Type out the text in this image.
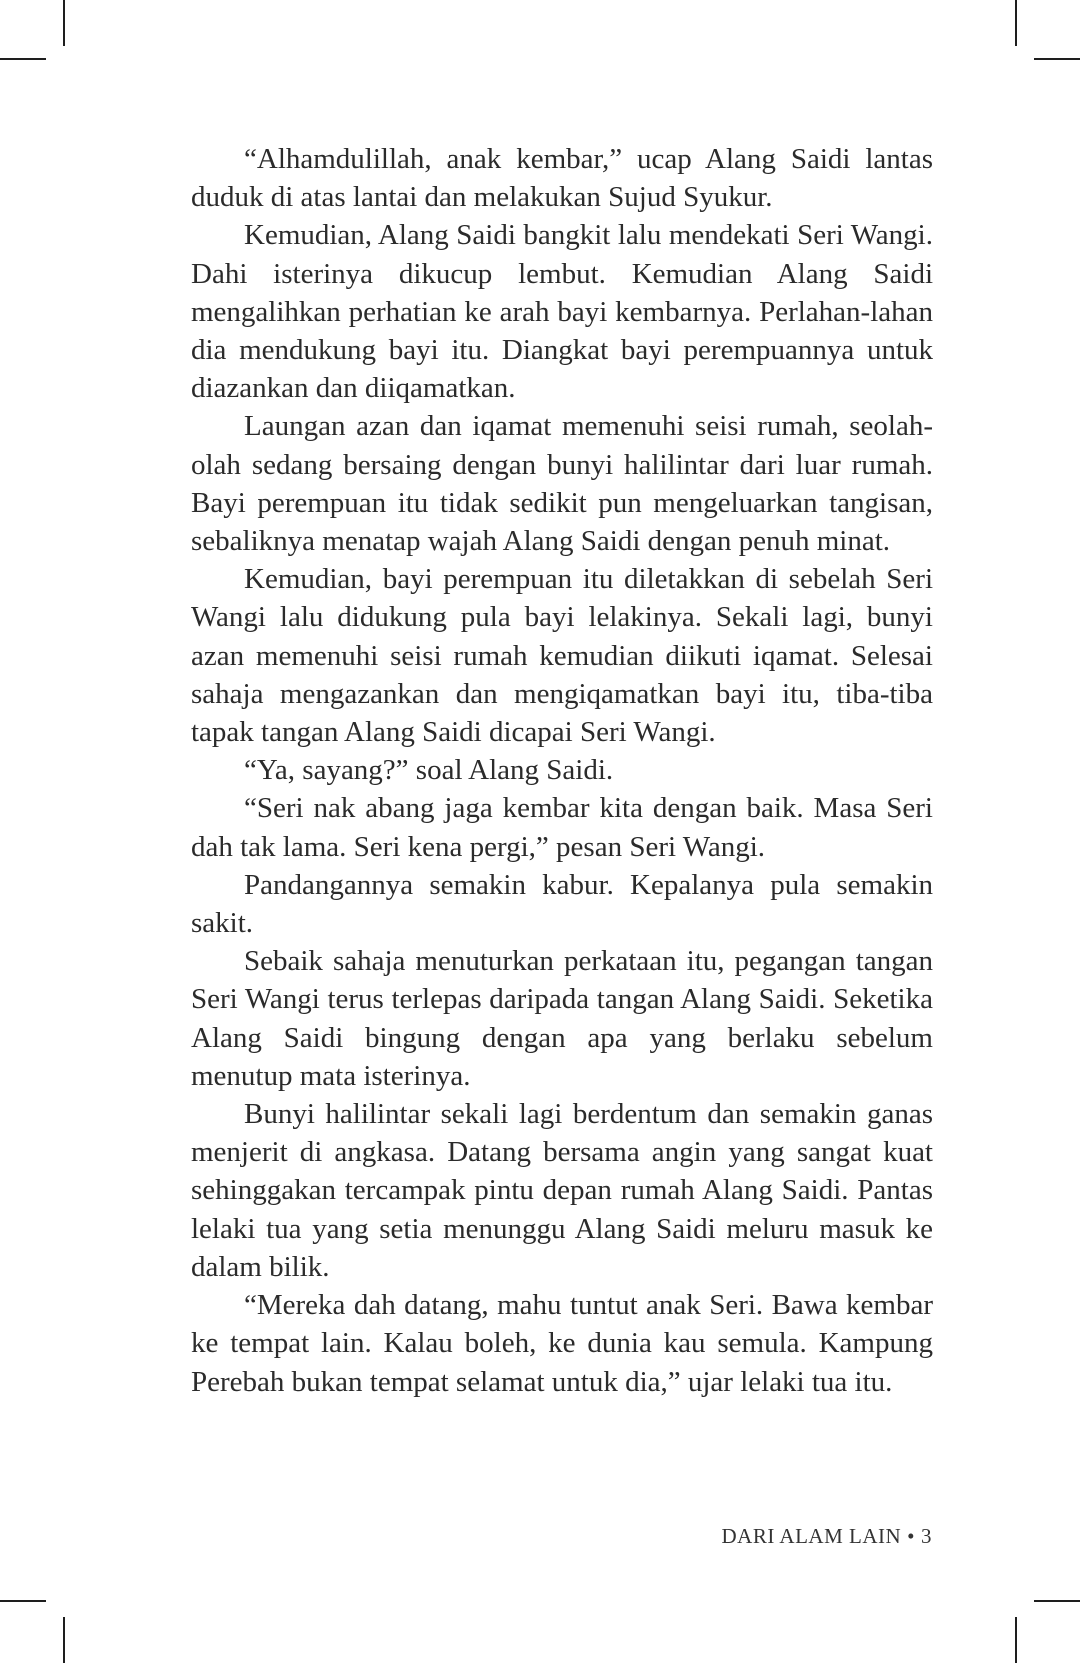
“Alhamdulillah, anak kembar,” ucap Alang Saidi lantas duduk di atas lantai dan melakukan Sujud Syukur.

Kemudian, Alang Saidi bangkit lalu mendekati Seri Wangi. Dahi isterinya dikucup lembut. Kemudian Alang Saidi mengalihkan perhatian ke arah bayi kembarnya. Perlahan-lahan dia mendukung bayi itu. Diangkat bayi perempuannya untuk diazankan dan diiqamatkan.

Laungan azan dan iqamat memenuhi seisi rumah, seolah-olah sedang bersaing dengan bunyi halilintar dari luar rumah. Bayi perempuan itu tidak sedikit pun mengeluarkan tangisan, sebaliknya menatap wajah Alang Saidi dengan penuh minat.

Kemudian, bayi perempuan itu diletakkan di sebelah Seri Wangi lalu didukung pula bayi lelakinya. Sekali lagi, bunyi azan memenuhi seisi rumah kemudian diikuti iqamat. Selesai sahaja mengazankan dan mengiqamatkan bayi itu, tiba-tiba tapak tangan Alang Saidi dicapai Seri Wangi.

“Ya, sayang?” soal Alang Saidi.

“Seri nak abang jaga kembar kita dengan baik. Masa Seri dah tak lama. Seri kena pergi,” pesan Seri Wangi.

Pandangannya semakin kabur. Kepalanya pula semakin sakit.

Sebaik sahaja menuturkan perkataan itu, pegangan tangan Seri Wangi terus terlepas daripada tangan Alang Saidi. Seketika Alang Saidi bingung dengan apa yang berlaku sebelum menutup mata isterinya.

Bunyi halilintar sekali lagi berdentum dan semakin ganas menjerit di angkasa. Datang bersama angin yang sangat kuat sehinggakan tercampak pintu depan rumah Alang Saidi. Pantas lelaki tua yang setia menunggu Alang Saidi meluru masuk ke dalam bilik.

“Mereka dah datang, mahu tuntut anak Seri. Bawa kembar ke tempat lain. Kalau boleh, ke dunia kau semula. Kampung Perebah bukan tempat selamat untuk dia,” ujar lelaki tua itu.

DARI ALAM LAIN • 3
